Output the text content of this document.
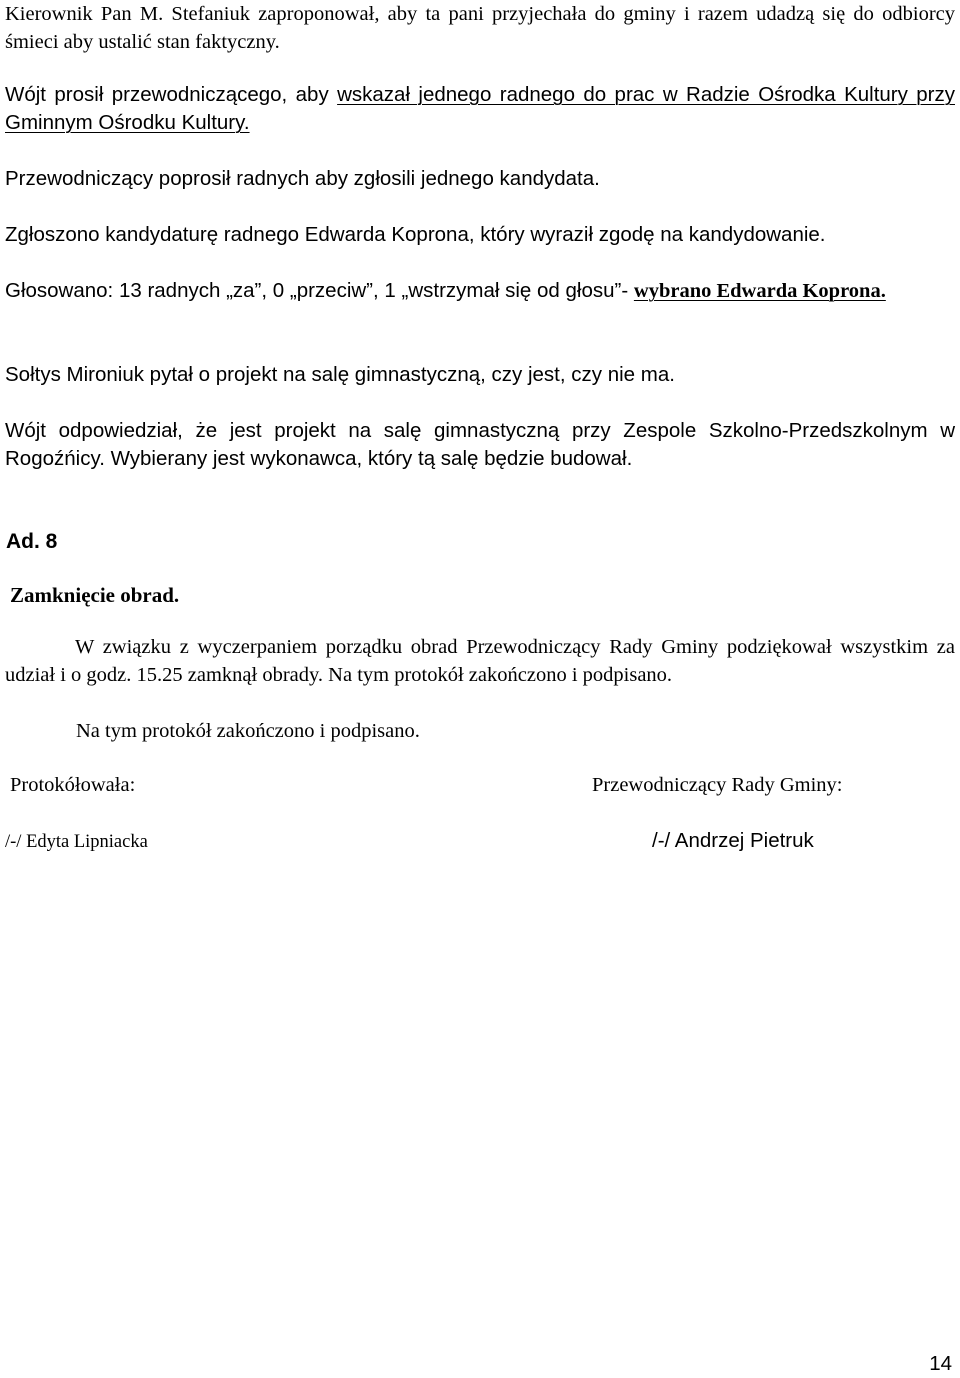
Kierownik Pan M. Stefaniuk zaproponował, aby ta pani przyjechała do gminy i razem udadzą się do odbiorcy śmieci aby ustalić stan faktyczny.

Wójt prosił przewodniczącego, aby wskazał jednego radnego do prac w Radzie Ośrodka Kultury przy Gminnym Ośrodku Kultury.

Przewodniczący poprosił radnych aby zgłosili jednego kandydata.

Zgłoszono kandydaturę radnego Edwarda Koprona, który wyraził zgodę na kandydowanie.

Głosowano: 13 radnych „za”, 0 „przeciw”, 1 „wstrzymał się od głosu”- wybrano Edwarda Koprona.

Sołtys Mironiuk pytał o projekt na salę gimnastyczną, czy jest, czy nie ma.

Wójt odpowiedział, że jest projekt na salę gimnastyczną przy Zespole Szkolno-Przedszkolnym w Rogoźńicy. Wybierany jest wykonawca, który tą salę będzie budował.

Ad. 8

Zamknięcie obrad.

W związku z wyczerpaniem porządku obrad Przewodniczący Rady Gminy podziękował wszystkim za udział i o godz. 15.25 zamknął obrady. Na tym protokół zakończono i podpisano.

Na tym protokół zakończono i podpisano.

Protokółowała:	Przewodniczący Rady Gminy:

/-/ Edyta Lipniacka	/-/ Andrzej Pietruk

14
